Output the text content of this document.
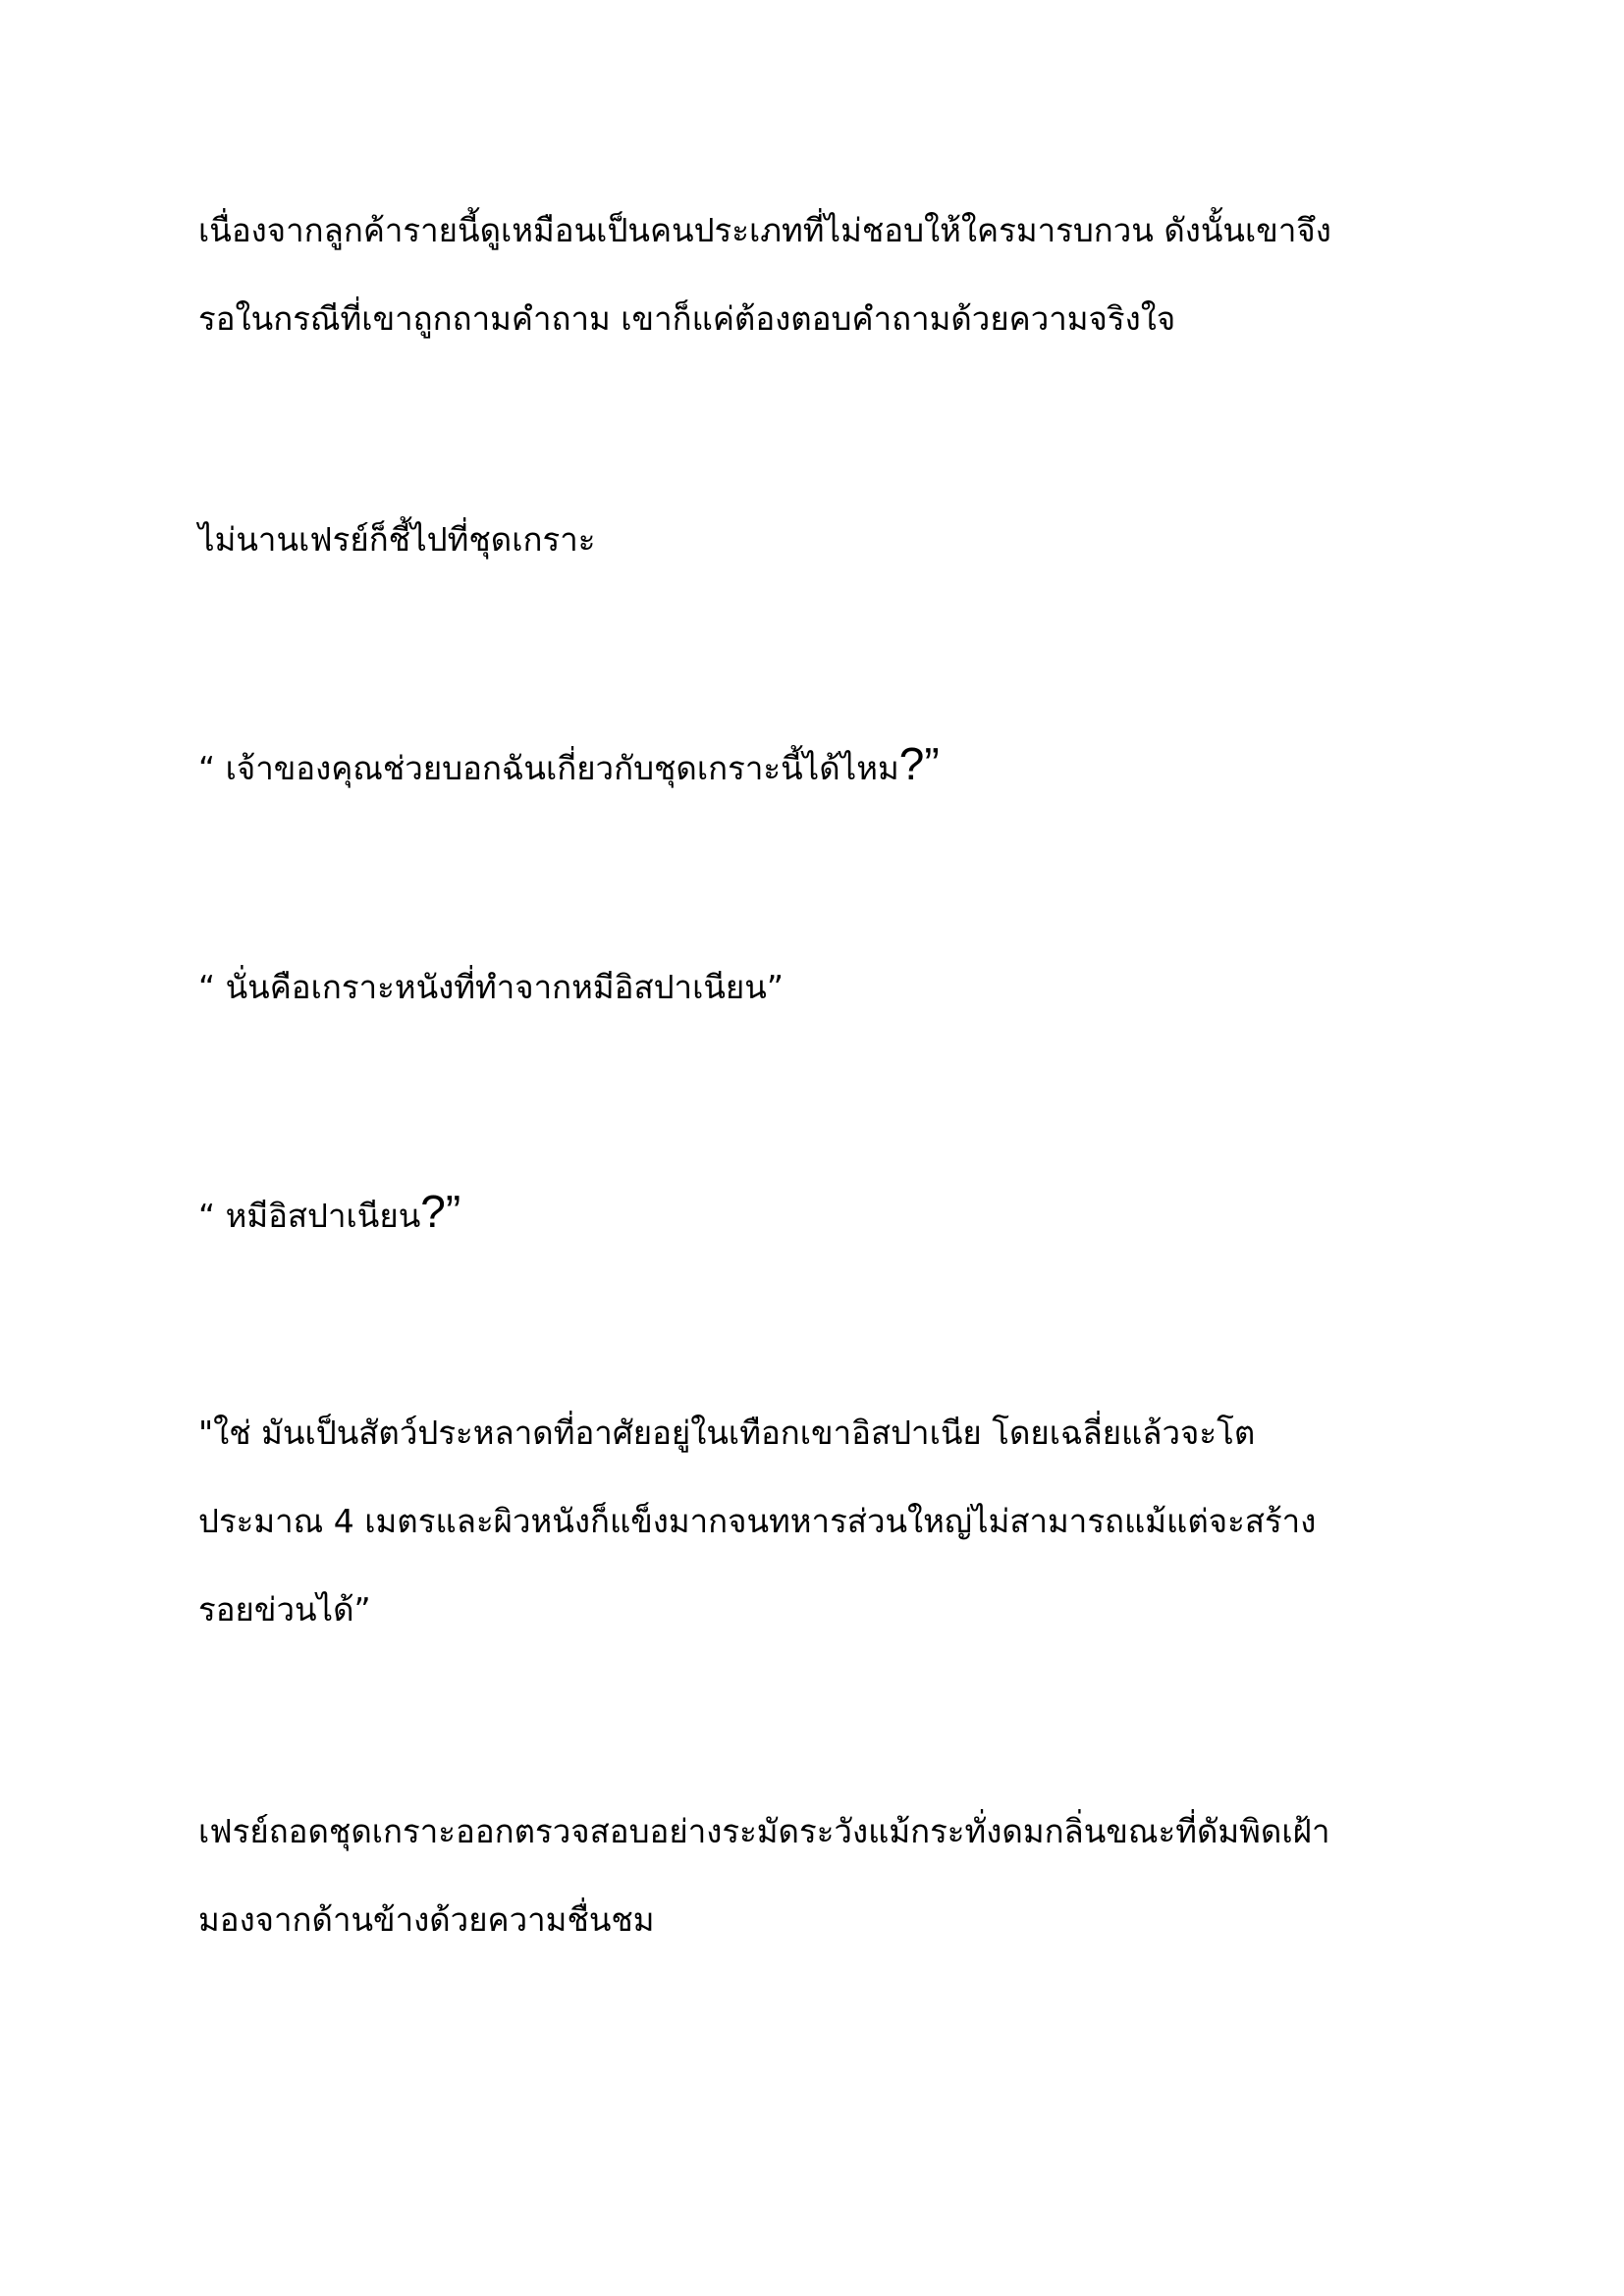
เนื่องจากลูกค้ารายนี้ดูเหมือนเป็นคนประเภทที่ไม่ชอบให้ใครมารบกวน ดังนั้นเขาจึง

รอในกรณีที่เขาถูกถามคำถาม เขาก็แค่ต้องตอบคำถามด้วยความจริงใจ

ไม่นานเฟรย์ก็ชี้ไปที่ชุดเกราะ

“ เจ้าของคุณช่วยบอกฉันเกี่ยวกับชุดเกราะนี้ได้ไหม?”

“ นั่นคือเกราะหนังที่ทำจากหมีอิสปาเนียน”

“ หมีอิสปาเนียน?”

"ใช่ มันเป็นสัตว์ประหลาดที่อาศัยอยู่ในเทือกเขาอิสปาเนีย โดยเฉลี่ยแล้วจะโต

ประมาณ 4 เมตรและผิวหนังก็แข็งมากจนทหารส่วนใหญ่ไม่สามารถแม้แต่จะสร้าง

รอยข่วนได้”

เฟรย์ถอดชุดเกราะออกตรวจสอบอย่างระมัดระวังแม้กระทั่งดมกลิ่นขณะที่ดัมพิดเฝ้า

มองจากด้านข้างด้วยความชื่นชม
